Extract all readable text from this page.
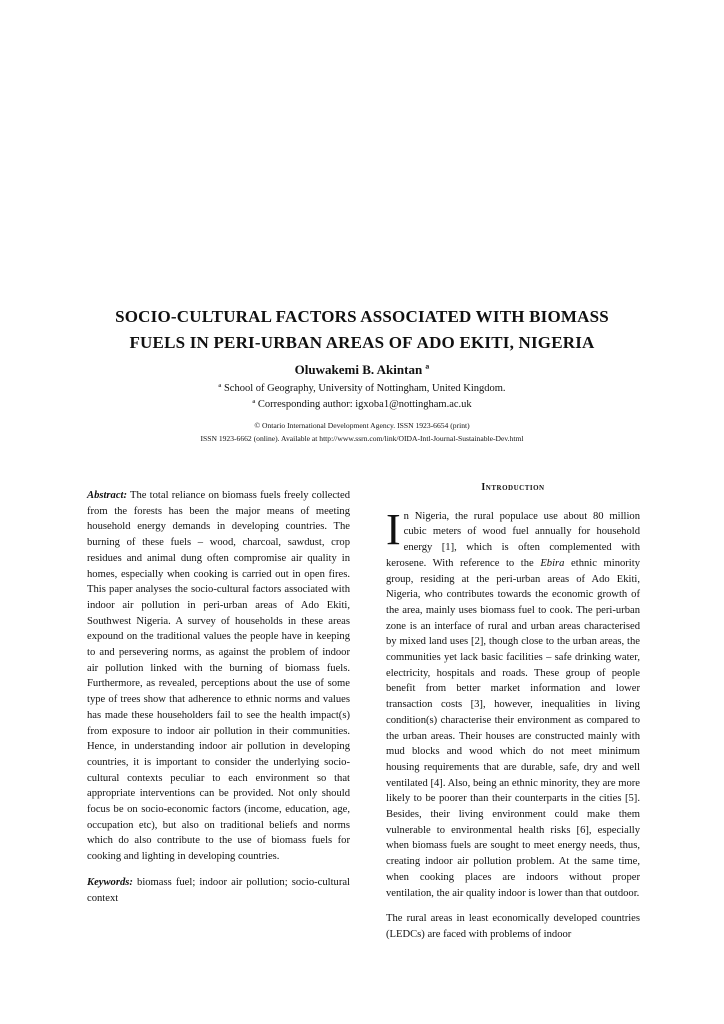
SOCIO-CULTURAL FACTORS ASSOCIATED WITH BIOMASS
FUELS IN PERI-URBAN AREAS OF ADO EKITI, NIGERIA
Oluwakemi B. Akintan ª
ª School of Geography, University of Nottingham, United Kingdom.
ª Corresponding author: igxoba1@nottingham.ac.uk
© Ontario International Development Agency. ISSN 1923-6654 (print)
ISSN 1923-6662 (online). Available at http://www.ssrn.com/link/OIDA-Intl-Journal-Sustainable-Dev.html

Abstract: The total reliance on biomass fuels freely collected from the forests has been the major means of meeting household energy demands in developing countries. The burning of these fuels – wood, charcoal, sawdust, crop residues and animal dung often compromise air quality in homes, especially when cooking is carried out in open fires. This paper analyses the socio-cultural factors associated with indoor air pollution in peri-urban areas of Ado Ekiti, Southwest Nigeria. A survey of households in these areas expound on the traditional values the people have in keeping to and persevering norms, as against the problem of indoor air pollution linked with the burning of biomass fuels. Furthermore, as revealed, perceptions about the use of some type of trees show that adherence to ethnic norms and values has made these householders fail to see the health impact(s) from exposure to indoor air pollution in their communities. Hence, in understanding indoor air pollution in developing countries, it is important to consider the underlying socio-cultural contexts peculiar to each environment so that appropriate interventions can be provided. Not only should focus be on socio-economic factors (income, education, age, occupation etc), but also on traditional beliefs and norms which do also contribute to the use of biomass fuels for cooking and lighting in developing countries.

Keywords: biomass fuel; indoor air pollution; socio-cultural context

Introduction

In Nigeria, the rural populace use about 80 million cubic meters of wood fuel annually for household energy [1], which is often complemented with kerosene. With reference to the Ebira ethnic minority group, residing at the peri-urban areas of Ado Ekiti, Nigeria, who contributes towards the economic growth of the area, mainly uses biomass fuel to cook. The peri-urban zone is an interface of rural and urban areas characterised by mixed land uses [2], though close to the urban areas, the communities yet lack basic facilities – safe drinking water, electricity, hospitals and roads. These group of people benefit from better market information and lower transaction costs [3], however, inequalities in living condition(s) characterise their environment as compared to the urban areas. Their houses are constructed mainly with mud blocks and wood which do not meet minimum housing requirements that are durable, safe, dry and well ventilated [4]. Also, being an ethnic minority, they are more likely to be poorer than their counterparts in the cities [5]. Besides, their living environment could make them vulnerable to environmental health risks [6], especially when biomass fuels are sought to meet energy needs, thus, creating indoor air pollution problem. At the same time, when cooking places are indoors without proper ventilation, the air quality indoor is lower than that outdoor.

The rural areas in least economically developed countries (LEDCs) are faced with problems of indoor
